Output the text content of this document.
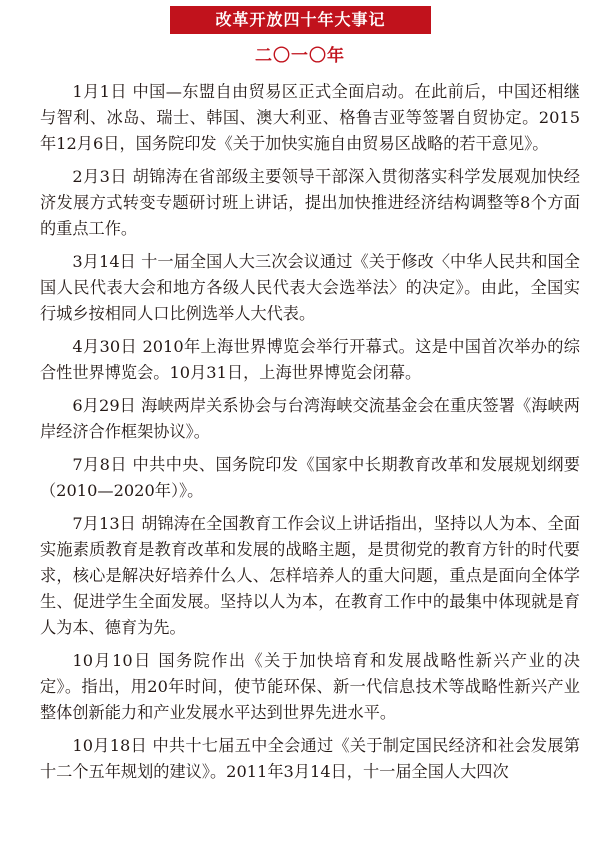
改革开放四十年大事记
二〇一〇年

1月1日 中国—东盟自由贸易区正式全面启动。在此前后，中国还相继与智利、冰岛、瑞士、韩国、澳大利亚、格鲁吉亚等签署自贸协定。2015年12月6日，国务院印发《关于加快实施自由贸易区战略的若干意见》。

2月3日 胡锦涛在省部级主要领导干部深入贯彻落实科学发展观加快经济发展方式转变专题研讨班上讲话，提出加快推进经济结构调整等8个方面的重点工作。

3月14日 十一届全国人大三次会议通过《关于修改〈中华人民共和国全国人民代表大会和地方各级人民代表大会选举法〉的决定》。由此，全国实行城乡按相同人口比例选举人大代表。

4月30日 2010年上海世界博览会举行开幕式。这是中国首次举办的综合性世界博览会。10月31日，上海世界博览会闭幕。

6月29日 海峡两岸关系协会与台湾海峡交流基金会在重庆签署《海峡两岸经济合作框架协议》。

7月8日 中共中央、国务院印发《国家中长期教育改革和发展规划纲要（2010—2020年）》。

7月13日 胡锦涛在全国教育工作会议上讲话指出，坚持以人为本、全面实施素质教育是教育改革和发展的战略主题，是贯彻党的教育方针的时代要求，核心是解决好培养什么人、怎样培养人的重大问题，重点是面向全体学生、促进学生全面发展。坚持以人为本，在教育工作中的最集中体现就是育人为本、德育为先。

10月10日 国务院作出《关于加快培育和发展战略性新兴产业的决定》。指出，用20年时间，使节能环保、新一代信息技术等战略性新兴产业整体创新能力和产业发展水平达到世界先进水平。

10月18日 中共十七届五中全会通过《关于制定国民经济和社会发展第十二个五年规划的建议》。2011年3月14日，十一届全国人大四次
